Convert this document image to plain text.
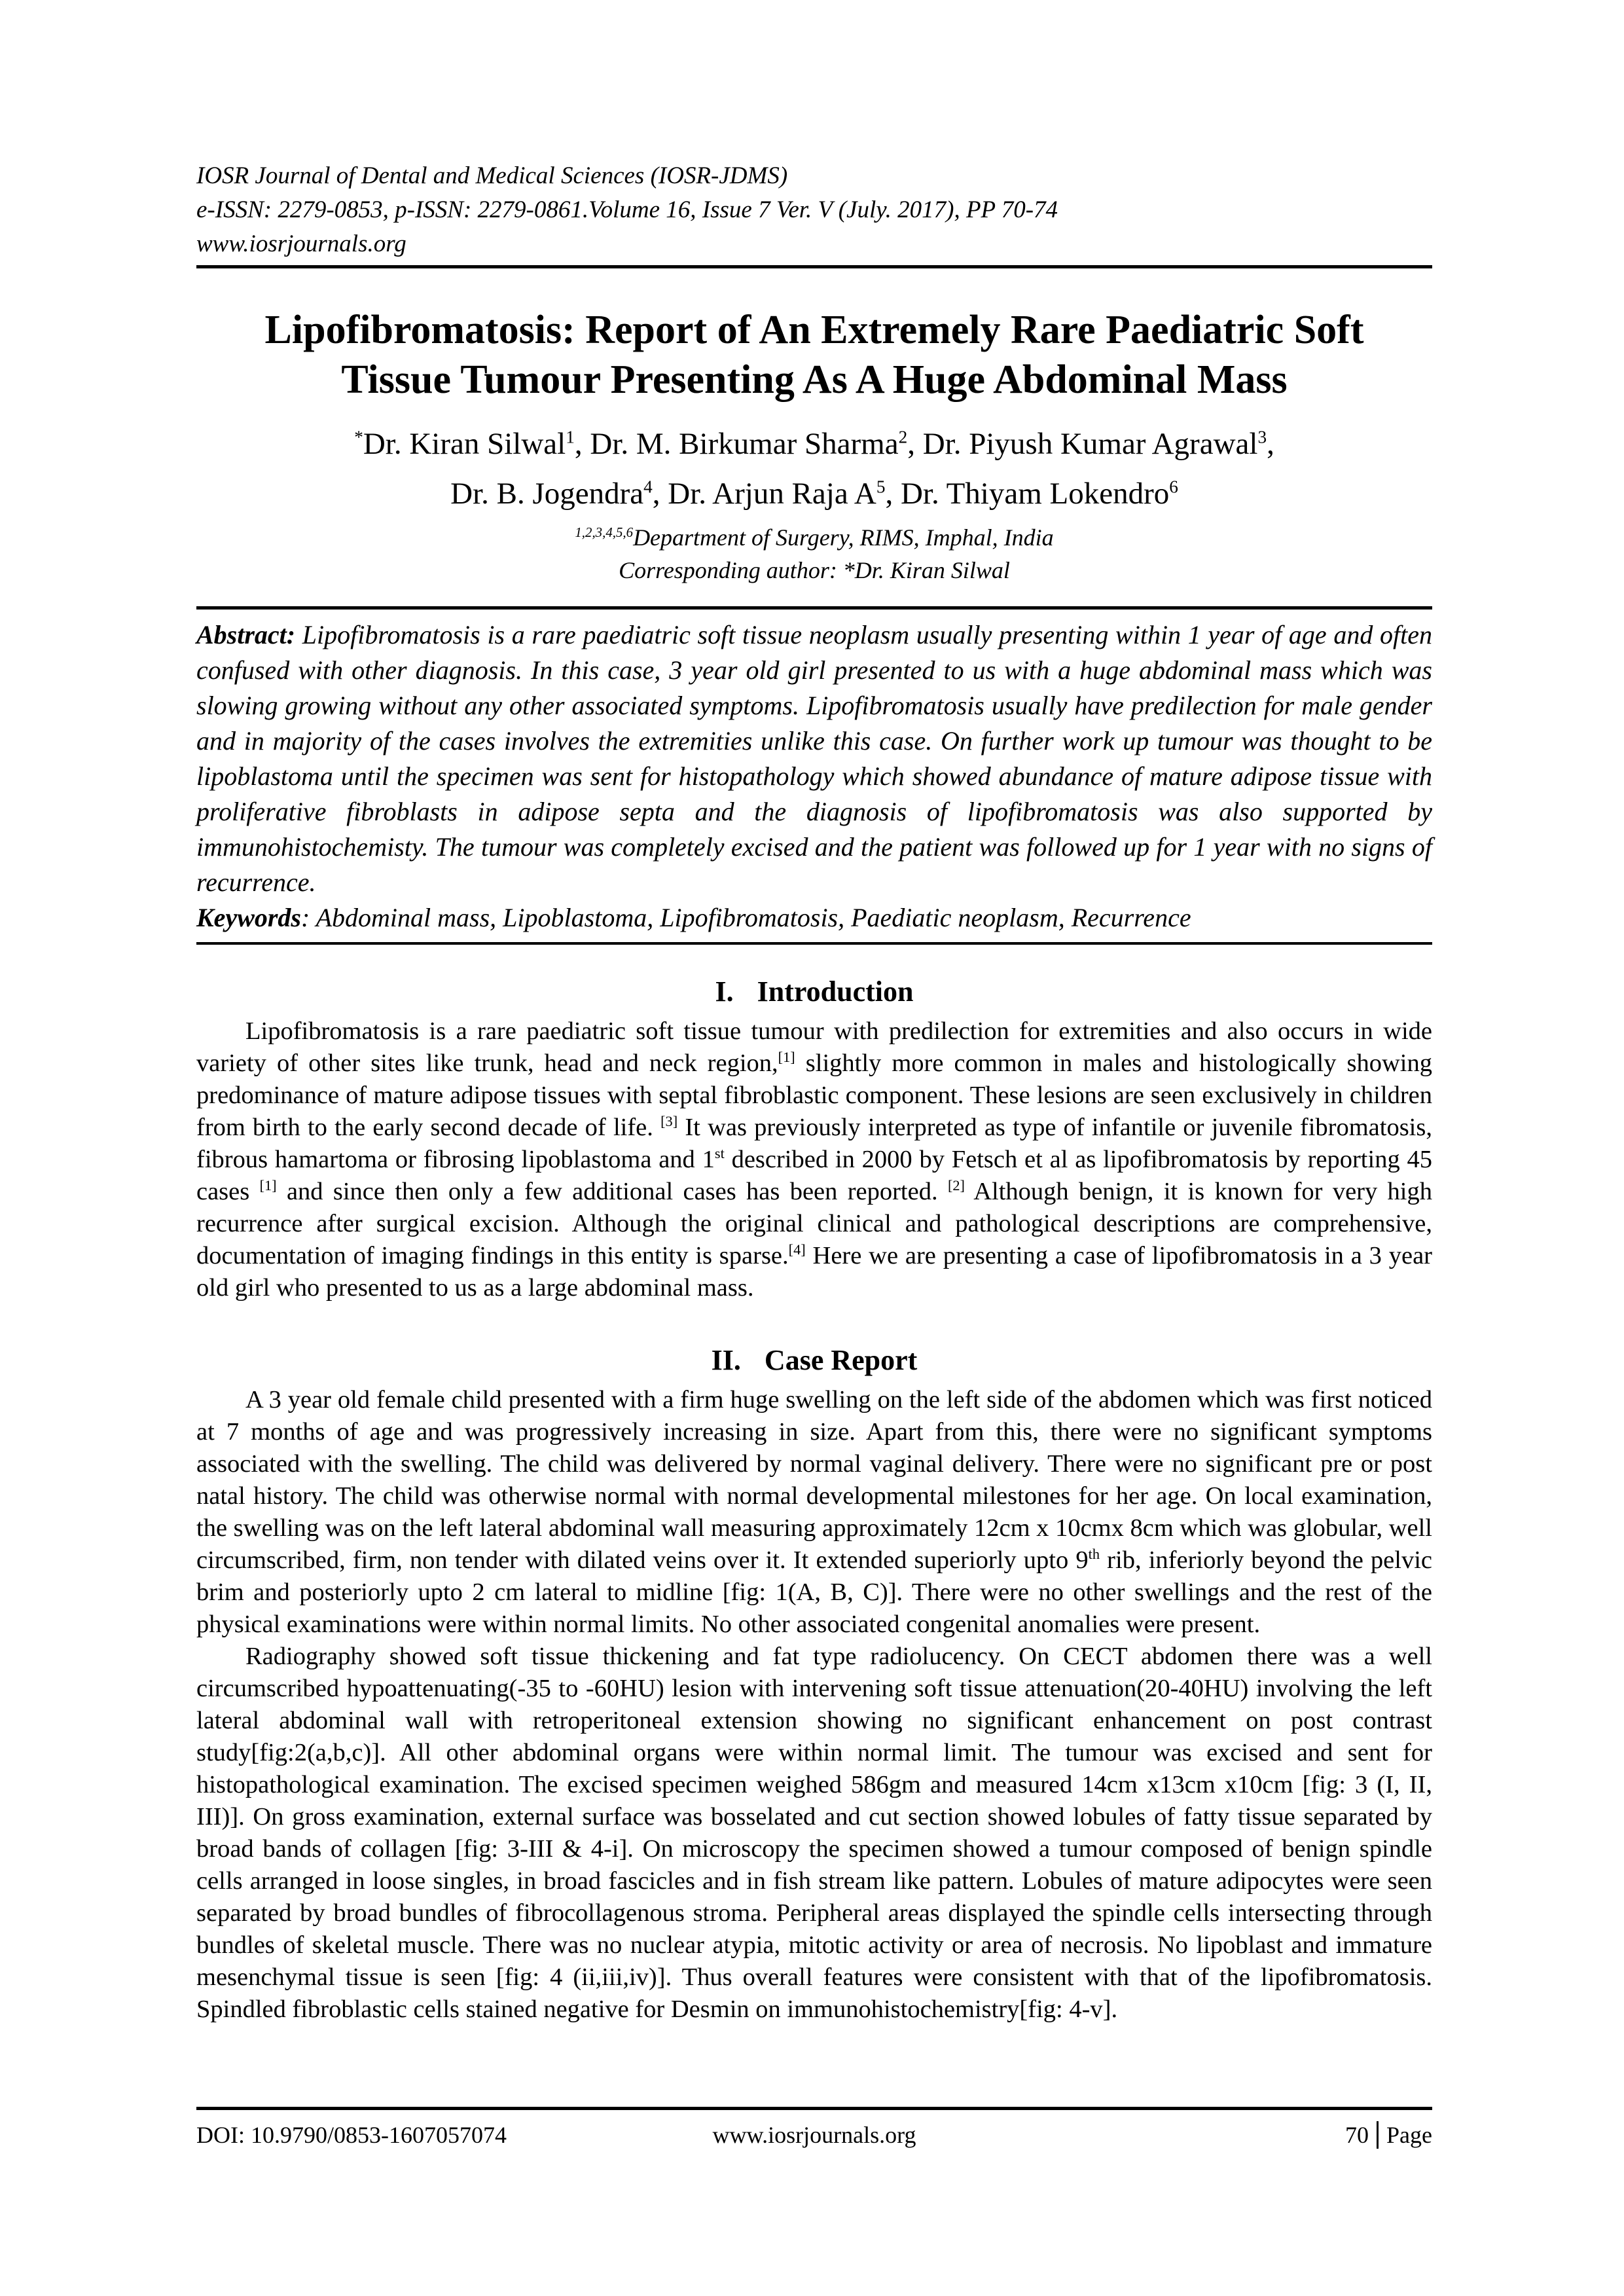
IOSR Journal of Dental and Medical Sciences (IOSR-JDMS)
e-ISSN: 2279-0853, p-ISSN: 2279-0861.Volume 16, Issue 7 Ver. V (July. 2017), PP 70-74
www.iosrjournals.org
Lipofibromatosis: Report of An Extremely Rare Paediatric Soft
Tissue Tumour Presenting As A Huge Abdominal Mass
*Dr. Kiran Silwal$^1$, Dr. M. Birkumar Sharma$^2$, Dr. Piyush Kumar Agrawal$^3$,
Dr. B. Jogendra$^4$, Dr. Arjun Raja $A^5$, Dr. Thiyam Lokendro$^6$
$^{1,2,3,4,5,6}$Department of Surgery, RIMS, Imphal, India
Corresponding author: *Dr. Kiran Silwal

Abstract: Lipofibromatosis is a rare paediatric soft tissue neoplasm usually presenting within 1 year of age and often confused with other diagnosis. In this case, 3 year old girl presented to us with a huge abdominal mass which was slowing growing without any other associated symptoms. Lipofibromatosis usually have predilection for male gender and in majority of the cases involves the extremities unlike this case. On further work up tumour was thought to be lipoblastoma until the specimen was sent for histopathology which showed abundance of mature adipose tissue with proliferative fibroblasts in adipose septa and the diagnosis of lipofibromatosis was also supported by immunohistochemisty. The tumour was completely excised and the patient was followed up for 1 year with no signs of recurrence.

Keywords: Abdominal mass, Lipoblastoma, Lipofibromatosis, Paediatic neoplasm, Recurrence

I. Introduction

Lipofibromatosis is a rare paediatric soft tissue tumour with predilection for extremities and also occurs in wide variety of other sites like trunk, head and neck region,[1] slightly more common in males and histologically showing predominance of mature adipose tissues with septal fibroblastic component. These lesions are seen exclusively in children from birth to the early second decade of life. [3] It was previously interpreted as type of infantile or juvenile fibromatosis, fibrous hamartoma or fibrosing lipoblastoma and 1st described in 2000 by Fetsch et al as lipofibromatosis by reporting 45 cases [1] and since then only a few additional cases has been reported. [2] Although benign, it is known for very high recurrence after surgical excision. Although the original clinical and pathological descriptions are comprehensive, documentation of imaging findings in this entity is sparse.[4] Here we are presenting a case of lipofibromatosis in a 3 year old girl who presented to us as a large abdominal mass.

II. Case Report

A 3 year old female child presented with a firm huge swelling on the left side of the abdomen which was first noticed at 7 months of age and was progressively increasing in size. Apart from this, there were no significant symptoms associated with the swelling. The child was delivered by normal vaginal delivery. There were no significant pre or post natal history. The child was otherwise normal with normal developmental milestones for her age. On local examination, the swelling was on the left lateral abdominal wall measuring approximately 12cm x 10cmx 8cm which was globular, well circumscribed, firm, non tender with dilated veins over it. It extended superiorly upto 9th rib, inferiorly beyond the pelvic brim and posteriorly upto 2 cm lateral to midline [fig: 1(A, B, C)]. There were no other swellings and the rest of the physical examinations were within normal limits. No other associated congenital anomalies were present.

Radiography showed soft tissue thickening and fat type radiolucency. On CECT abdomen there was a well circumscribed hypoattenuating(-35 to -60HU) lesion with intervening soft tissue attenuation(20-40HU) involving the left lateral abdominal wall with retroperitoneal extension showing no significant enhancement on post contrast study[fig:2(a,b,c)]. All other abdominal organs were within normal limit. The tumour was excised and sent for histopathological examination. The excised specimen weighed 586gm and measured 14cm x13cm x10cm [fig: 3 (I, II, III)]. On gross examination, external surface was bosselated and cut section showed lobules of fatty tissue separated by broad bands of collagen [fig: 3-III & 4-i]. On microscopy the specimen showed a tumour composed of benign spindle cells arranged in loose singles, in broad fascicles and in fish stream like pattern. Lobules of mature adipocytes were seen separated by broad bundles of fibrocollagenous stroma. Peripheral areas displayed the spindle cells intersecting through bundles of skeletal muscle. There was no nuclear atypia, mitotic activity or area of necrosis. No lipoblast and immature mesenchymal tissue is seen [fig: 4 (ii,iii,iv)]. Thus overall features were consistent with that of the lipofibromatosis. Spindled fibroblastic cells stained negative for Desmin on immunohistochemistry[fig: 4-v].

DOI: 10.9790/0853-1607057074	www.iosrjournals.org	70 Page
